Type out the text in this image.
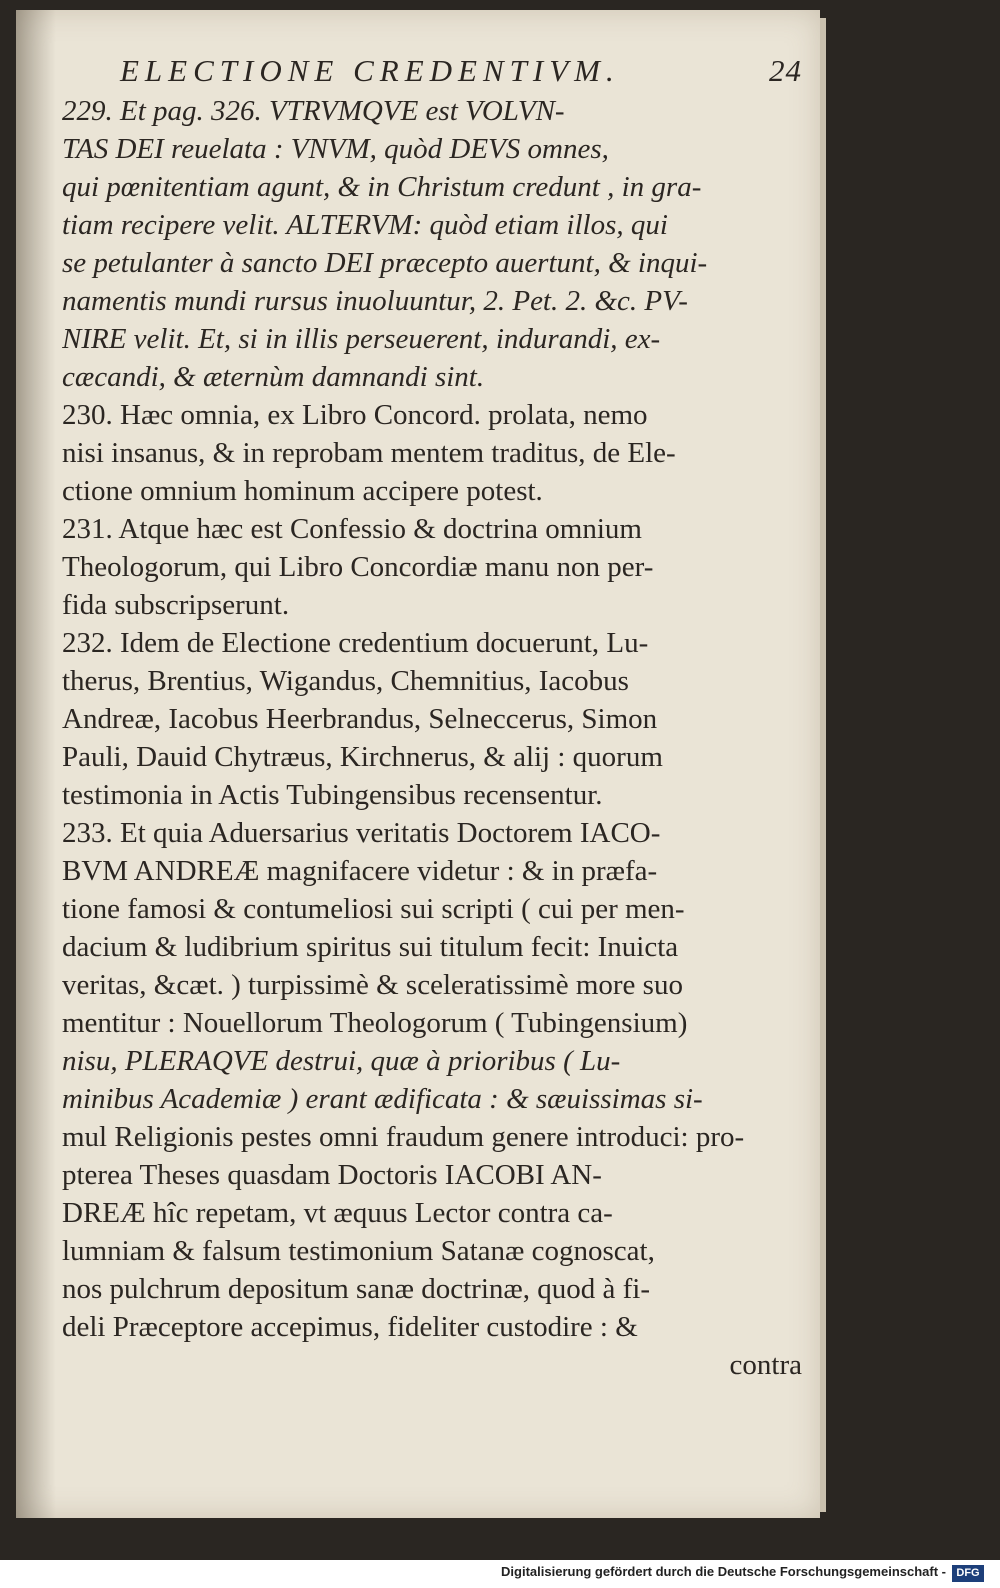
ELECTIONE CREDENTIVM.	24
229. Et pag. 326. VTRVMQVE est VOLVN-
TAS DEI reuelata : VNVM, quòd DEVS omnes,
qui pœnitentiam agunt, & in Christum credunt , in gra-
tiam recipere velit. ALTERVM: quòd etiam illos, qui
se petulanter à sancto DEI præcepto auertunt, & inqui-
namentis mundi rursus inuoluuntur, 2. Pet. 2. &c. PV-
NIRE velit. Et, si in illis perseuerent, indurandi, ex-
cæcandi, & æternùm damnandi sint.
230. Hæc omnia, ex Libro Concord. prolata, nemo
nisi insanus, & in reprobam mentem traditus, de Ele-
ctione omnium hominum accipere potest.
231. Atque hæc est Confessio & doctrina omnium
Theologorum, qui Libro Concordiæ manu non per-
fida subscripserunt.
232. Idem de Electione credentium docuerunt, Lu-
therus, Brentius, Wigandus, Chemnitius, Iacobus
Andreæ, Iacobus Heerbrandus, Selneccerus, Simon
Pauli, Dauid Chytræus, Kirchnerus, & alij : quorum
testimonia in Actis Tubingensibus recensentur.
233. Et quia Aduersarius veritatis Doctorem IACO-
BVM ANDREÆ magnifacere videtur : & in præfa-
tione famosi & contumeliosi sui scripti ( cui per men-
dacium & ludibrium spiritus sui titulum fecit: Inuicta
veritas, &cæt. ) turpissimè & sceleratissimè more suo
mentitur : Nouellorum Theologorum ( Tubingensium)
nisu, PLERAQVE destrui, quæ à prioribus ( Lu-
minibus Academiæ ) erant ædificata : & sæuissimas si-
mul Religionis pestes omni fraudum genere introduci: pro-
pterea Theses quasdam Doctoris IACOBI AN-
DREÆ hîc repetam, vt æquus Lector contra ca-
lumniam & falsum testimonium Satanæ cognoscat,
nos pulchrum depositum sanæ doctrinæ, quod à fi-
deli Præceptore accepimus, fideliter custodire : &
contra
Digitalisierung gefördert durch die Deutsche Forschungsgemeinschaft - DFG
